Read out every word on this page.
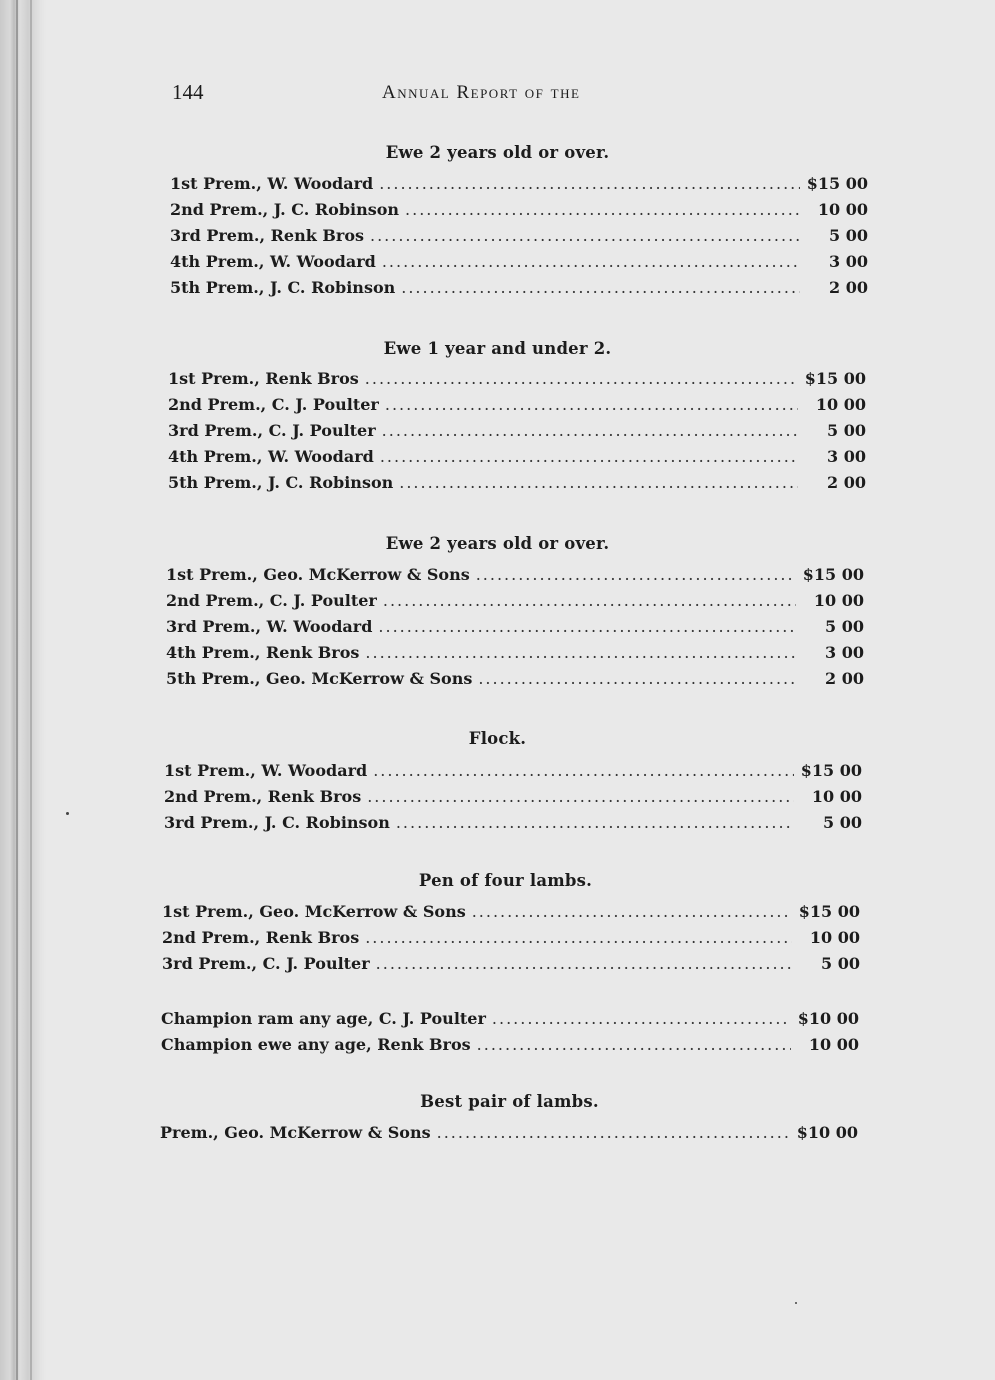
144	Annual Report of the
Ewe 2 years old or over.
1st Prem., W. Woodard .....	$15 00
2nd Prem., J. C. Robinson .....	10 00
3rd Prem., Renk Bros .....	5 00
4th Prem., W. Woodard .....	3 00
5th Prem., J. C. Robinson .....	2 00
Ewe 1 year and under 2.
1st Prem., Renk Bros .....	$15 00
2nd Prem., C. J. Poulter .....	10 00
3rd Prem., C. J. Poulter .....	5 00
4th Prem., W. Woodard .....	3 00
5th Prem., J. C. Robinson .....	2 00
Ewe 2 years old or over.
1st Prem., Geo. McKerrow & Sons .....	$15 00
2nd Prem., C. J. Poulter .....	10 00
3rd Prem., W. Woodard .....	5 00
4th Prem., Renk Bros .....	3 00
5th Prem., Geo. McKerrow & Sons .....	2 00
Flock.
1st Prem., W. Woodard .....	$15 00
2nd Prem., Renk Bros .....	10 00
3rd Prem., J. C. Robinson .....	5 00
Pen of four lambs.
1st Prem., Geo. McKerrow & Sons .....	$15 00
2nd Prem., Renk Bros .....	10 00
3rd Prem., C. J. Poulter .....	5 00
Champion ram any age, C. J. Poulter .....	$10 00
Champion ewe any age, Renk Bros .....	10 00
Best pair of lambs.
Prem., Geo. McKerrow & Sons .....	$10 00
